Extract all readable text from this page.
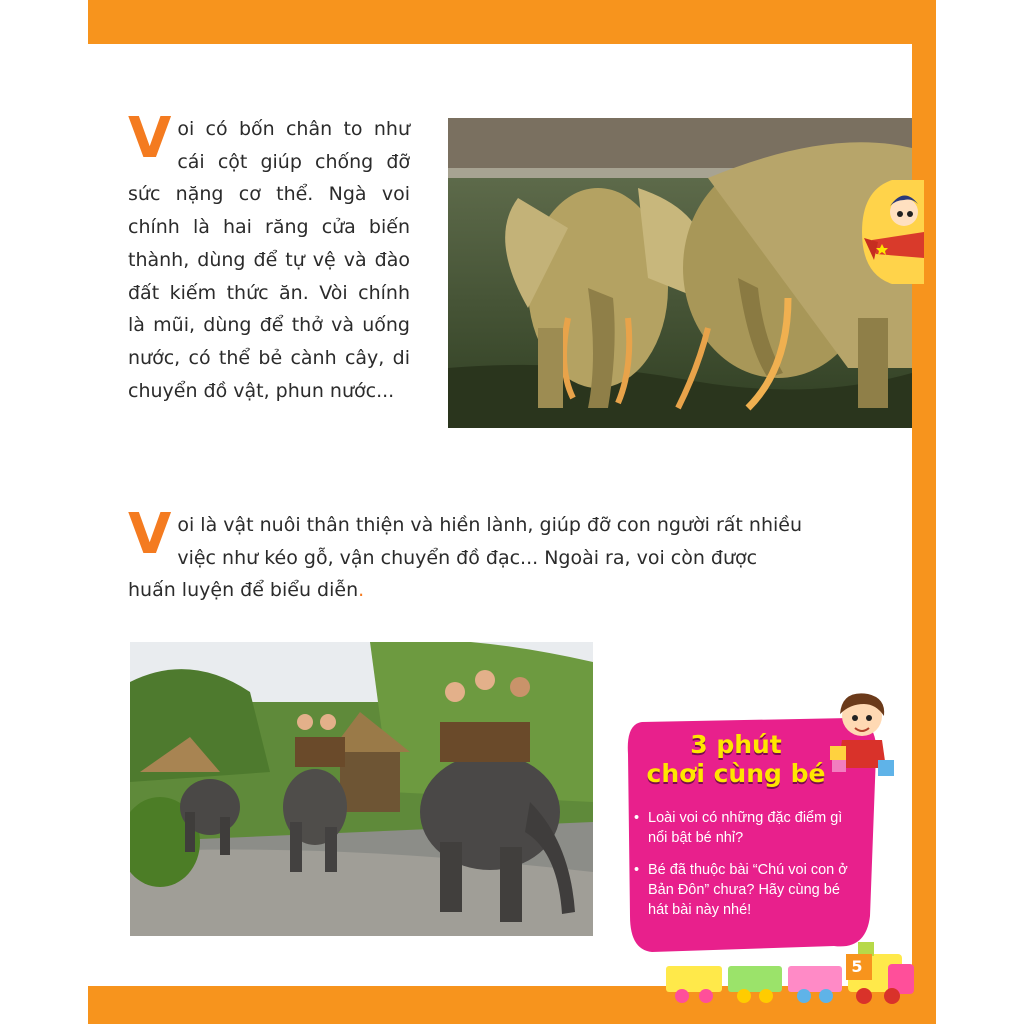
Voi có bốn chân to như cái cột giúp chống đỡ sức nặng cơ thể. Ngà voi chính là hai răng cửa biến thành, dùng để tự vệ và đào đất kiếm thức ăn. Vòi chính là mũi, dùng để thở và uống nước, có thể bẻ cành cây, di chuyển đồ vật, phun nước...
Voi là vật nuôi thân thiện và hiền lành, giúp đỡ con người rất nhiều việc như kéo gỗ, vận chuyển đồ đạc... Ngoài ra, voi còn được huấn luyện để biểu diễn.
3 phút
chơi cùng bé
• Loài voi có những đặc điểm gì nổi bật bé nhỉ?
• Bé đã thuộc bài “Chú voi con ở Bản Đôn” chưa? Hãy cùng bé hát bài này nhé!
5
